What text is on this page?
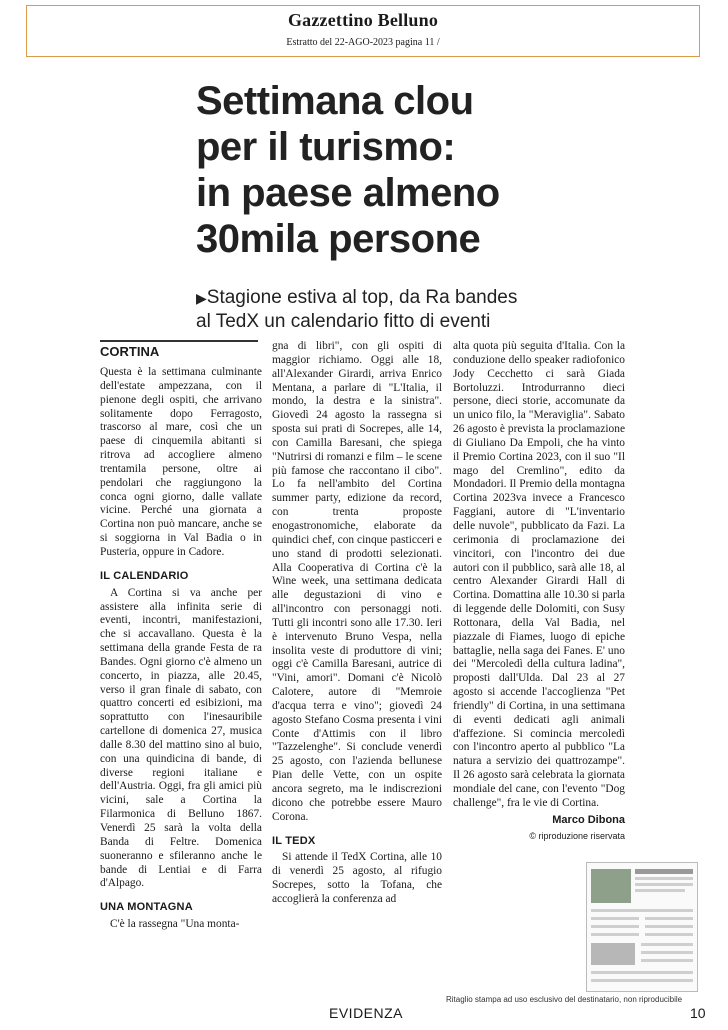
Gazzettino Belluno
Estratto del 22-AGO-2023 pagina 11 /
Settimana clou
per il turismo:
in paese almeno
30mila persone
▶Stagione estiva al top, da Ra bandes al TedX un calendario fitto di eventi
CORTINA

Questa è la settimana culminante dell'estate ampezzana, con il pienone degli ospiti, che arrivano solitamente dopo Ferragosto, trascorso al mare, così che un paese di cinquemila abitanti si ritrova ad accogliere almeno trentamila persone, oltre ai pendolari che raggiungono la conca ogni giorno, dalle vallate vicine. Perché una giornata a Cortina non può mancare, anche se si soggiorna in Val Badia o in Pusteria, oppure in Cadore.

IL CALENDARIO

A Cortina si va anche per assistere alla infinita serie di eventi, incontri, manifestazioni, che si accavallano. Questa è la settimana della grande Festa de ra Bandes. Ogni giorno c'è almeno un concerto, in piazza, alle 20.45, verso il gran finale di sabato, con quattro concerti ed esibizioni, ma soprattutto con l'inesauribile cartellone di domenica 27, musica dalle 8.30 del mattino sino al buio, con una quindicina di bande, di diverse regioni italiane e dell'Austria. Oggi, fra gli amici più vicini, sale a Cortina la Filarmonica di Belluno 1867. Venerdì 25 sarà la volta della Banda di Feltre. Domenica suoneranno e sfileranno anche le bande di Lentiai e di Farra d'Alpago.

UNA MONTAGNA

C'è la rassegna "Una monta-

gna di libri", con gli ospiti di maggior richiamo. Oggi alle 18, all'Alexander Girardi, arriva Enrico Mentana, a parlare di "L'Italia, il mondo, la destra e la sinistra". Giovedì 24 agosto la rassegna si sposta sui prati di Socrepes, alle 14, con Camilla Baresani, che spiega "Nutrirsi di romanzi e film – le scene più famose che raccontano il cibo". Lo fa nell'ambito del Cortina summer party, edizione da record, con trenta proposte enogastronomiche, elaborate da quindici chef, con cinque pasticceri e uno stand di prodotti selezionati. Alla Cooperativa di Cortina c'è la Wine week, una settimana dedicata alle degustazioni di vino e all'incontro con personaggi noti. Tutti gli incontri sono alle 17.30. Ieri è intervenuto Bruno Vespa, nella insolita veste di produttore di vini; oggi c'è Camilla Baresani, autrice di "Vini, amori". Domani c'è Nicolò Calotere, autore di "Memroie d'acqua terra e vino"; giovedì 24 agosto Stefano Cosma presenta i vini Conte d'Attimis con il libro "Tazzelenghe". Si conclude venerdì 25 agosto, con l'azienda bellunese Pian delle Vette, con un ospite ancora segreto, ma le indiscrezioni dicono che potrebbe essere Mauro Corona.

IL TEDX

Si attende il TedX Cortina, alle 10 di venerdì 25 agosto, al rifugio Socrepes, sotto la Tofana, che accoglierà la conferenza ad

alta quota più seguita d'Italia. Con la conduzione dello speaker radiofonico Jody Cecchetto ci sarà Giada Bortoluzzi. Introdurranno dieci persone, dieci storie, accomunate da un unico filo, la "Meraviglia". Sabato 26 agosto è prevista la proclamazione di Giuliano Da Empoli, che ha vinto il Premio Cortina 2023, con il suo "Il mago del Cremlino", edito da Mondadori. Il Premio della montagna Cortina 2023va invece a Francesco Faggiani, autore di "L'inventario delle nuvole", pubblicato da Fazi. La cerimonia di proclamazione dei vincitori, con l'incontro dei due autori con il pubblico, sarà alle 18, al centro Alexander Girardi Hall di Cortina. Domattina alle 10.30 si parla di leggende delle Dolomiti, con Susy Rottonara, della Val Badia, nel piazzale di Fiames, luogo di epiche battaglie, nella saga dei Fanes. E' uno dei "Mercoledì della cultura ladina", proposti dall'Ulda. Dal 23 al 27 agosto si accende l'accoglienza "Pet friendly" di Cortina, in una settimana di eventi dedicati agli animali d'affezione. Si comincia mercoledì con l'incontro aperto al pubblico "La natura a servizio dei quattrozampe". Il 26 agosto sarà celebrata la giornata mondiale del cane, con l'evento "Dog challenge", fra le vie di Cortina.

Marco Dibona
© riproduzione riservata
Ritaglio stampa ad uso esclusivo del destinatario, non riproducibile
EVIDENZA	10
